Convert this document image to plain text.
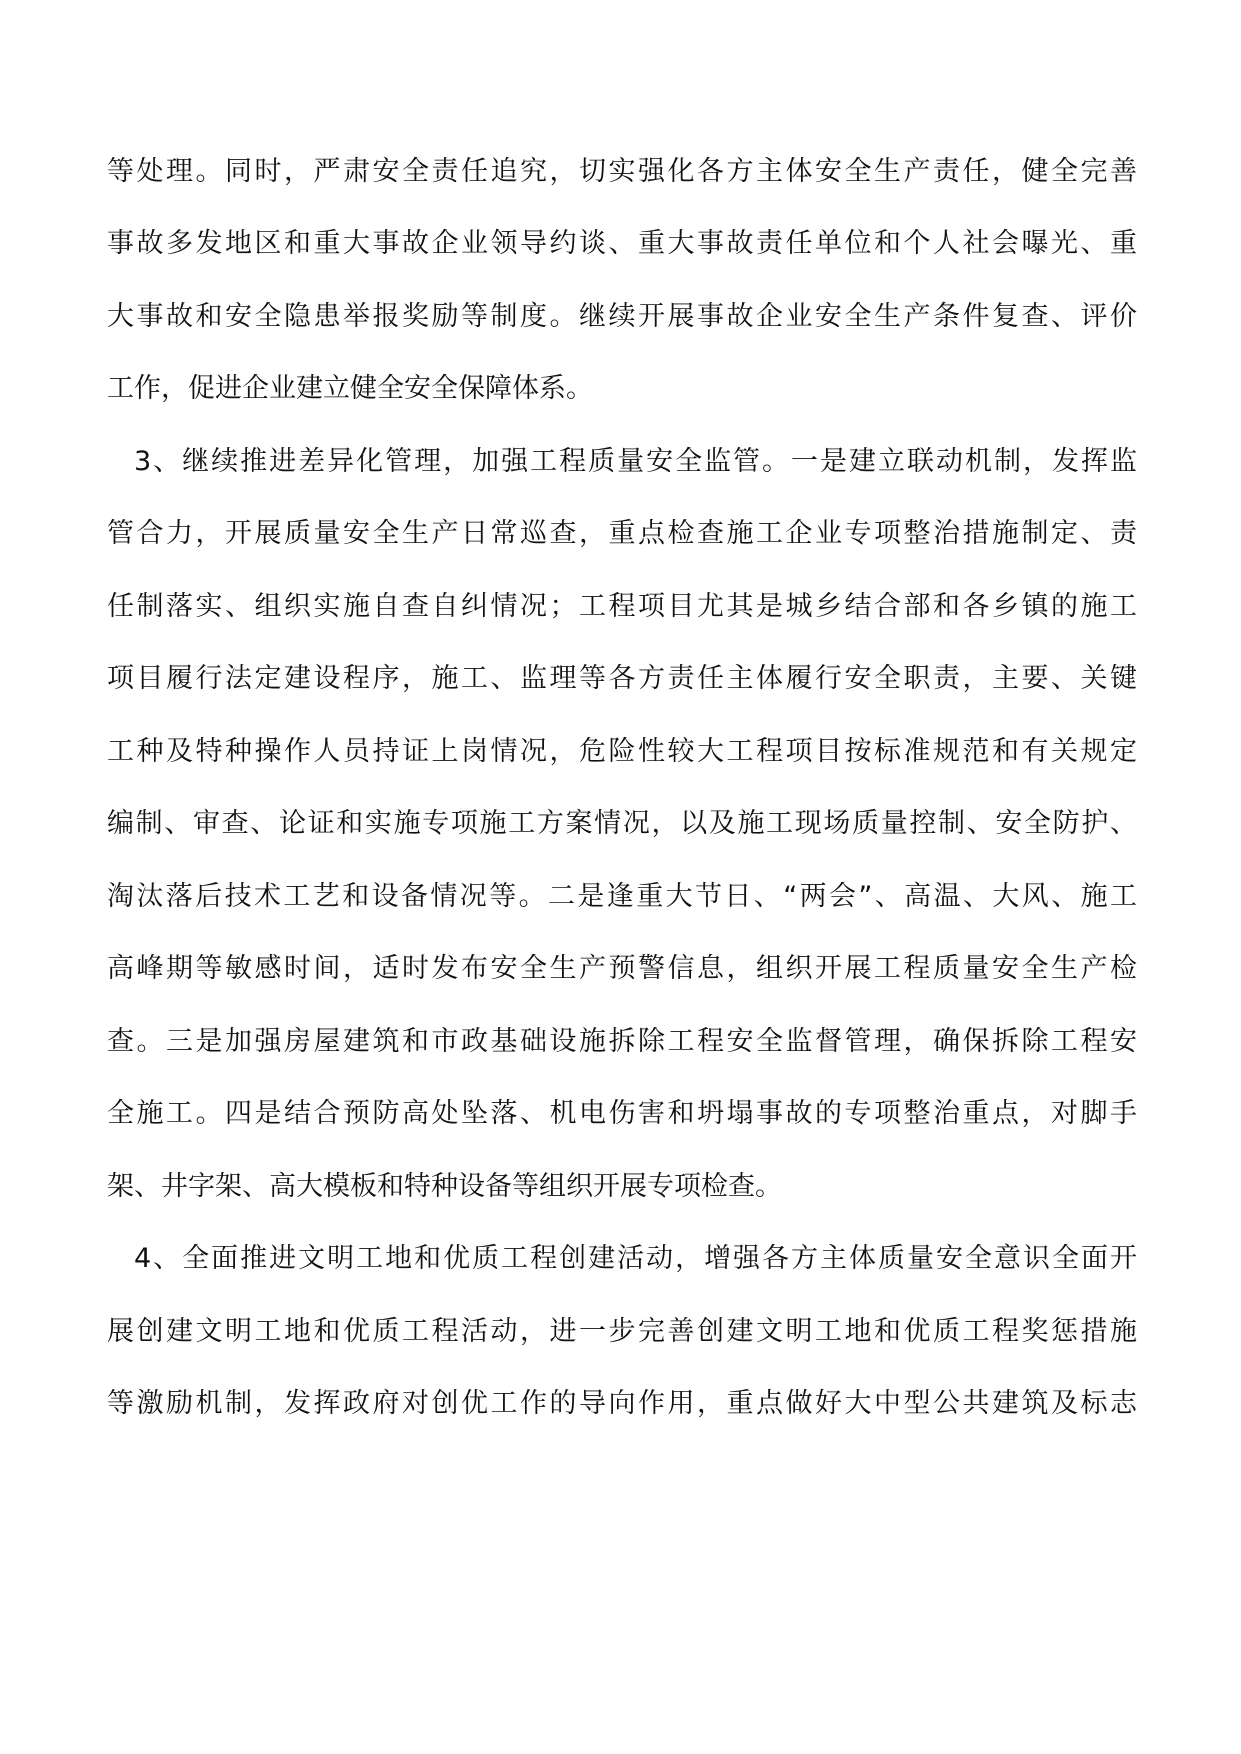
等处理。同时，严肃安全责任追究，切实强化各方主体安全生产责任，健全完善
事故多发地区和重大事故企业领导约谈、重大事故责任单位和个人社会曝光、重
大事故和安全隐患举报奖励等制度。继续开展事故企业安全生产条件复查、评价
工作，促进企业建立健全安全保障体系。
3、继续推进差异化管理，加强工程质量安全监管。一是建立联动机制，发挥监
管合力，开展质量安全生产日常巡查，重点检查施工企业专项整治措施制定、责
任制落实、组织实施自查自纠情况；工程项目尤其是城乡结合部和各乡镇的施工
项目履行法定建设程序，施工、监理等各方责任主体履行安全职责，主要、关键
工种及特种操作人员持证上岗情况，危险性较大工程项目按标准规范和有关规定
编制、审查、论证和实施专项施工方案情况，以及施工现场质量控制、安全防护、
淘汰落后技术工艺和设备情况等。二是逢重大节日、“两会”、高温、大风、施工
高峰期等敏感时间，适时发布安全生产预警信息，组织开展工程质量安全生产检
查。三是加强房屋建筑和市政基础设施拆除工程安全监督管理，确保拆除工程安
全施工。四是结合预防高处坠落、机电伤害和坍塌事故的专项整治重点，对脚手
架、井字架、高大模板和特种设备等组织开展专项检查。
4、全面推进文明工地和优质工程创建活动，增强各方主体质量安全意识全面开
展创建文明工地和优质工程活动，进一步完善创建文明工地和优质工程奖惩措施
等激励机制，发挥政府对创优工作的导向作用，重点做好大中型公共建筑及标志
